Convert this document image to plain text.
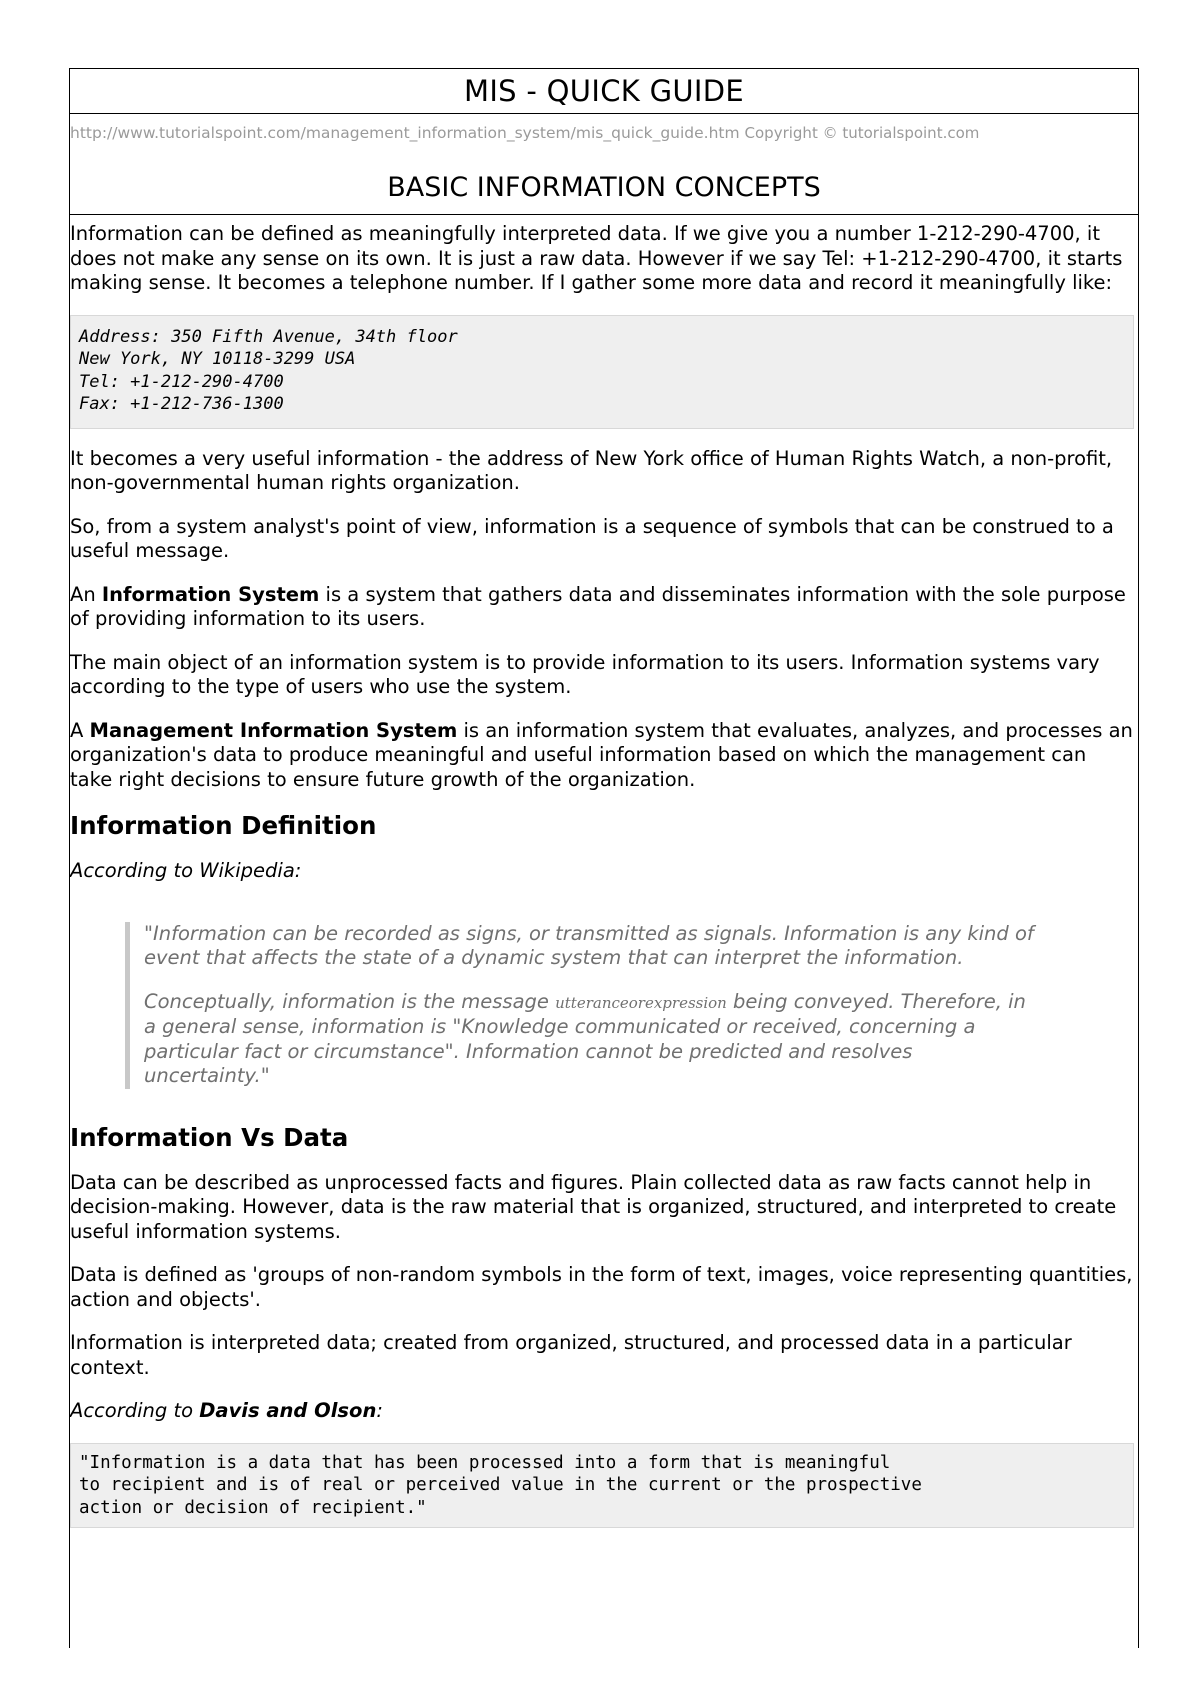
MIS - QUICK GUIDE
http://www.tutorialspoint.com/management_information_system/mis_quick_guide.htm Copyright © tutorialspoint.com
BASIC INFORMATION CONCEPTS

Information can be defined as meaningfully interpreted data. If we give you a number 1-212-290-4700, it does not make any sense on its own. It is just a raw data. However if we say Tel: +1-212-290-4700, it starts making sense. It becomes a telephone number. If I gather some more data and record it meaningfully like:

Address: 350 Fifth Avenue, 34th floor
New York, NY 10118-3299 USA
Tel: +1-212-290-4700
Fax: +1-212-736-1300

It becomes a very useful information - the address of New York office of Human Rights Watch, a non-profit, non-governmental human rights organization.

So, from a system analyst's point of view, information is a sequence of symbols that can be construed to a useful message.

An Information System is a system that gathers data and disseminates information with the sole purpose of providing information to its users.

The main object of an information system is to provide information to its users. Information systems vary according to the type of users who use the system.

A Management Information System is an information system that evaluates, analyzes, and processes an organization's data to produce meaningful and useful information based on which the management can take right decisions to ensure future growth of the organization.

Information Definition

According to Wikipedia:

"Information can be recorded as signs, or transmitted as signals. Information is any kind of event that affects the state of a dynamic system that can interpret the information.

Conceptually, information is the message utteranceorexpression being conveyed. Therefore, in a general sense, information is "Knowledge communicated or received, concerning a particular fact or circumstance". Information cannot be predicted and resolves uncertainty."

Information Vs Data

Data can be described as unprocessed facts and figures. Plain collected data as raw facts cannot help in decision-making. However, data is the raw material that is organized, structured, and interpreted to create useful information systems.

Data is defined as 'groups of non-random symbols in the form of text, images, voice representing quantities, action and objects'.

Information is interpreted data; created from organized, structured, and processed data in a particular context.

According to Davis and Olson:

"Information is a data that has been processed into a form that is meaningful
to recipient and is of real or perceived value in the current or the prospective
action or decision of recipient."
